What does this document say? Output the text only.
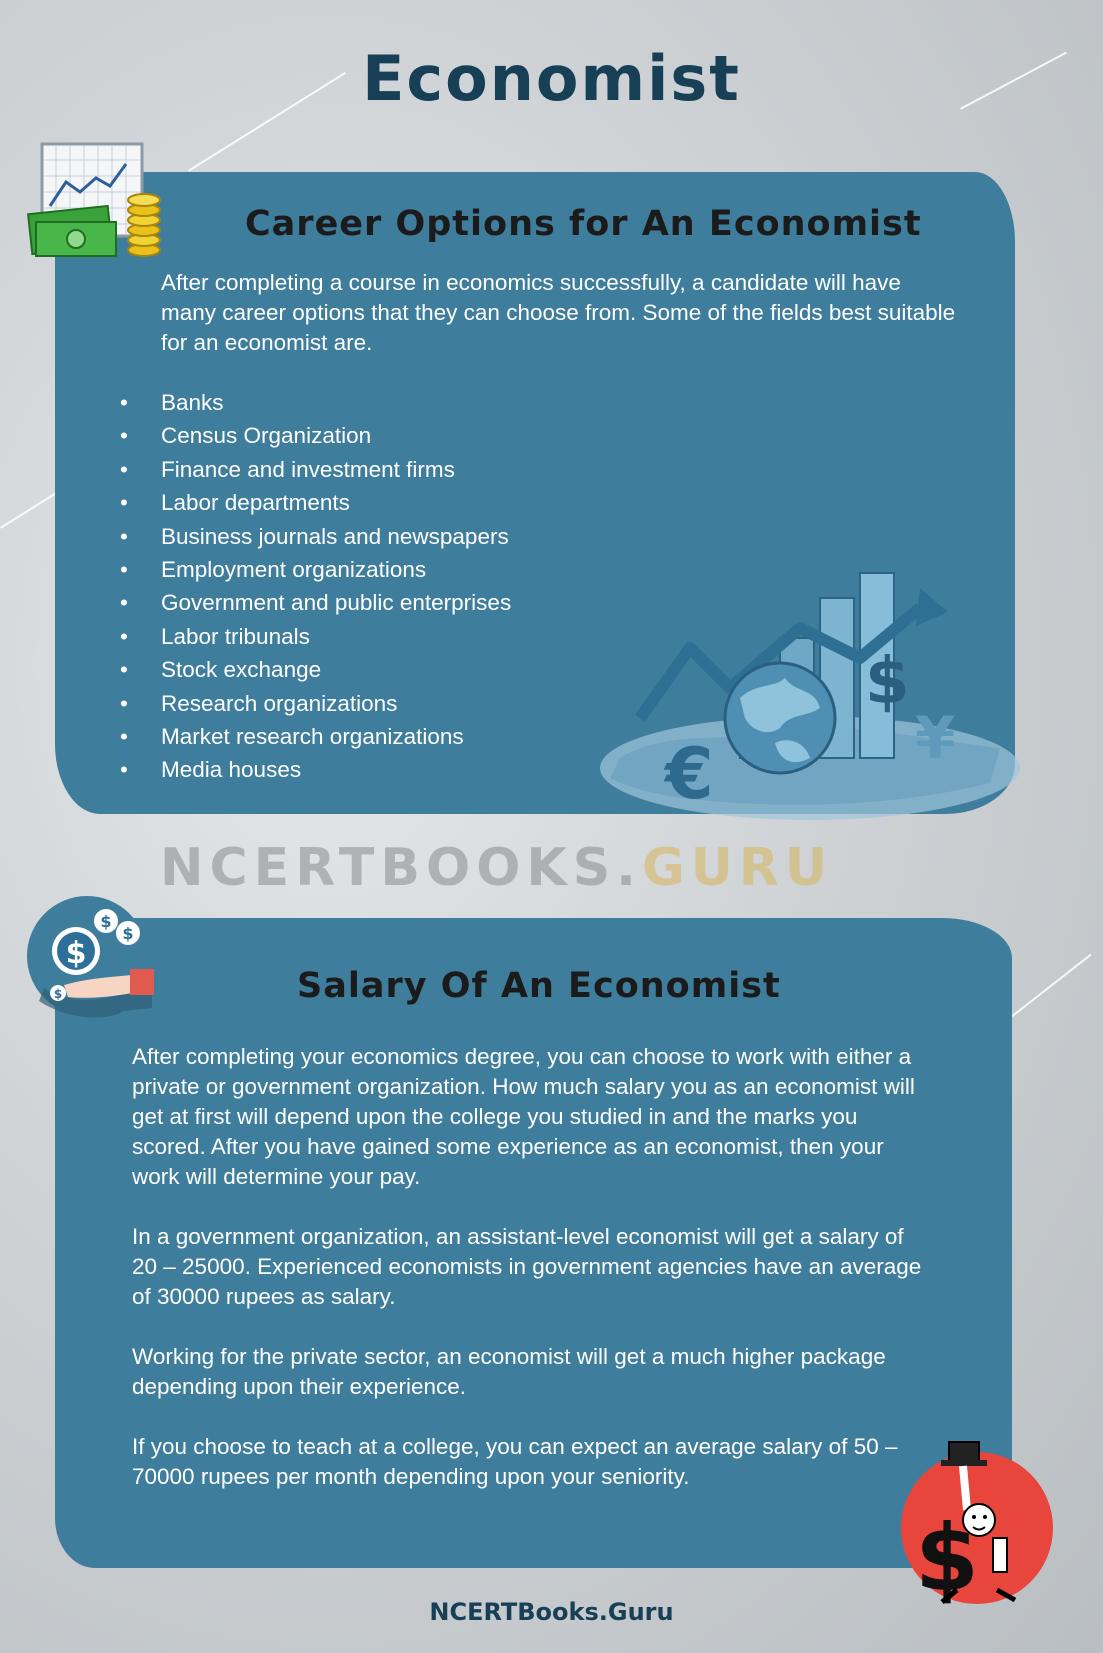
Economist
Career Options for An Economist
After completing a course in economics successfully, a candidate will have many career options that they can choose from. Some of the fields best suitable for an economist are.
• Banks
• Census Organization
• Finance and investment firms
• Labor departments
• Business journals and newspapers
• Employment organizations
• Government and public enterprises
• Labor tribunals
• Stock exchange
• Research organizations
• Market research organizations
• Media houses	€
$
¥
NCERTBOOKS.GURU
$
$
$
$	Salary Of An Economist

After completing your economics degree, you can choose to work with either a private or government organization. How much salary you as an economist will get at first will depend upon the college you studied in and the marks you scored. After you have gained some experience as an economist, then your work will determine your pay.

In a government organization, an assistant-level economist will get a salary of 20 – 25000. Experienced economists in government agencies have an average of 30000 rupees as salary.

Working for the private sector, an economist will get a much higher package depending upon their experience.

If you choose to teach at a college, you can expect an average salary of 50 – 70000 rupees per month depending upon your seniority.

$
NCERTBooks.Guru
